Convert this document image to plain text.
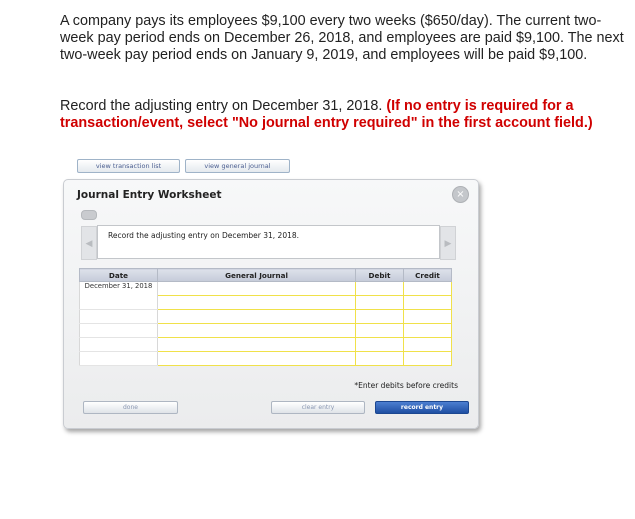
A company pays its employees $9,100 every two weeks ($650/day). The current two-week pay period ends on December 26, 2018, and employees are paid $9,100. The next two-week pay period ends on January 9, 2019, and employees will be paid $9,100.
Record the adjusting entry on December 31, 2018. (If no entry is required for a transaction/event, select "No journal entry required" in the first account field.)
view transaction list	view general journal
Journal Entry Worksheet	×
◀
Record the adjusting entry on December 31, 2018.
▶
Date	General Journal	Debit	Credit
December 31, 2018			

*Enter debits before credits
done	clear entry	record entry
